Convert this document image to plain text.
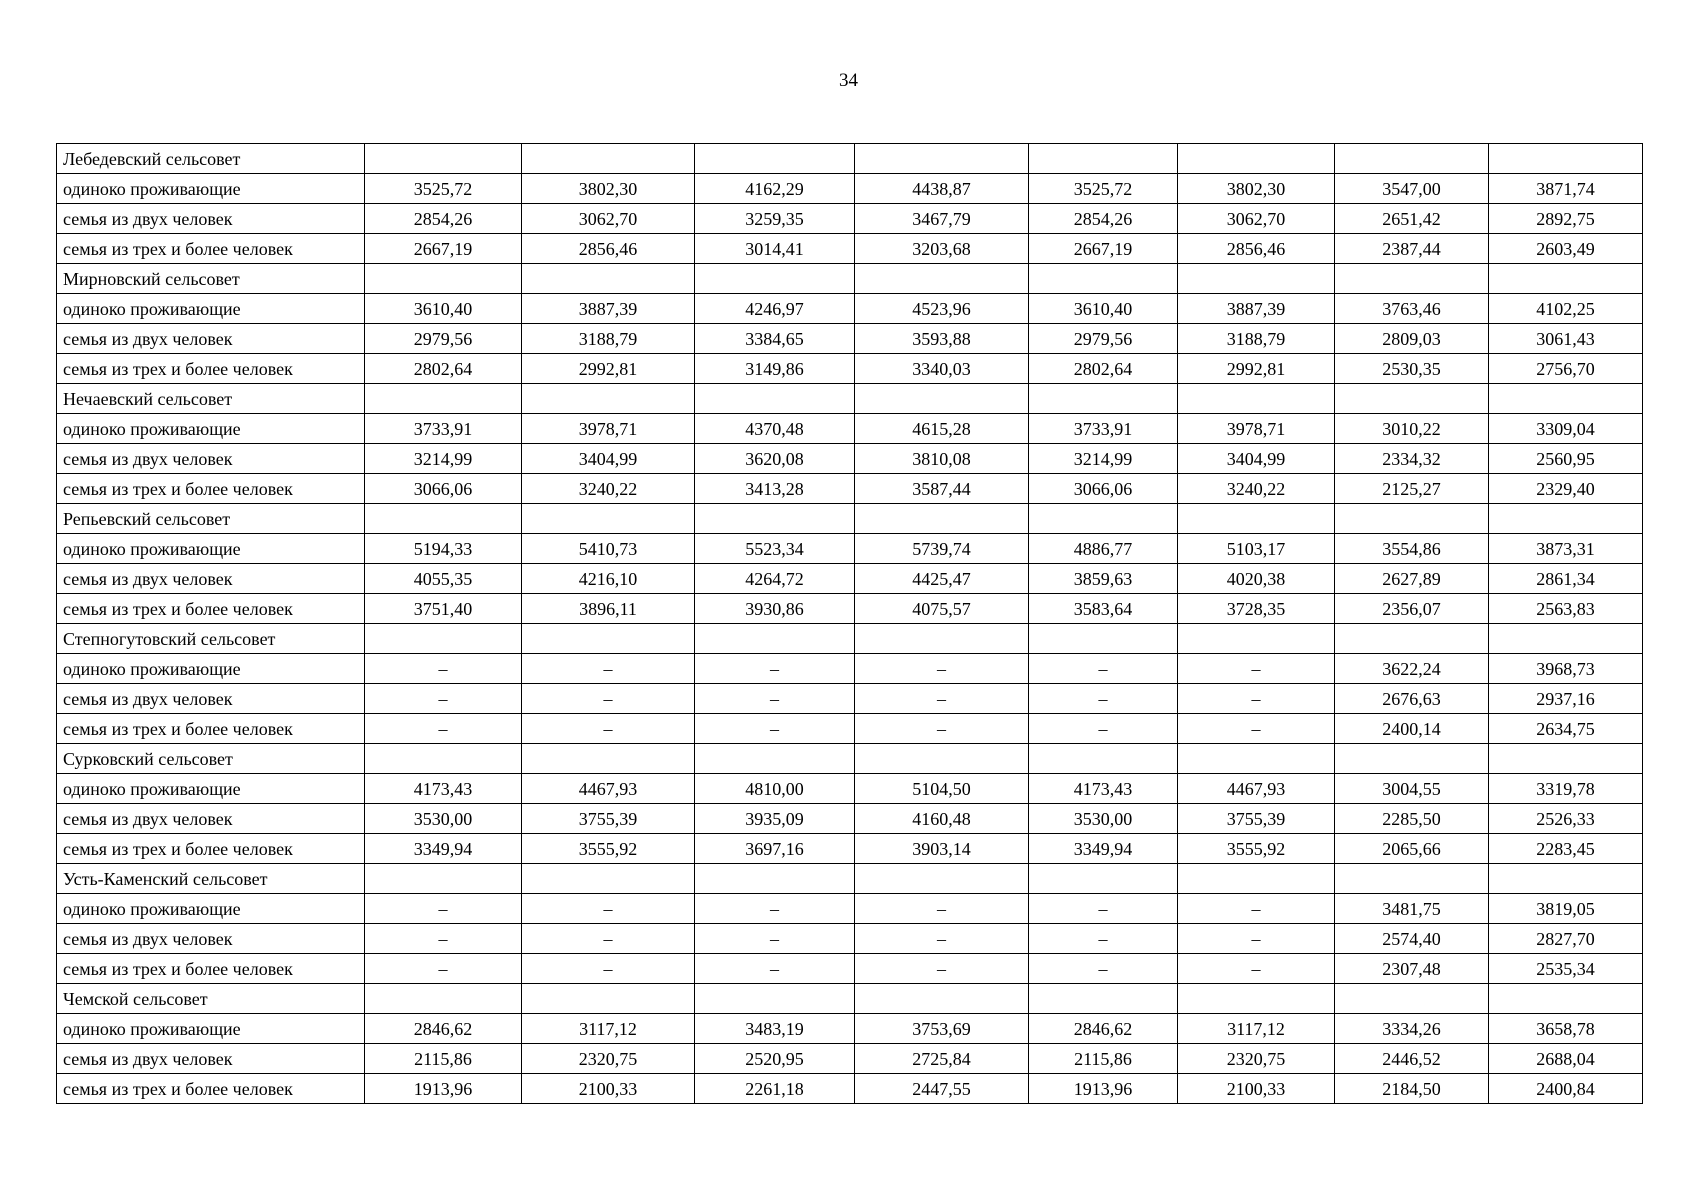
34
Лебедевский сельсовет								
одиноко проживающие	3525,72	3802,30	4162,29	4438,87	3525,72	3802,30	3547,00	3871,74
семья из двух человек	2854,26	3062,70	3259,35	3467,79	2854,26	3062,70	2651,42	2892,75
семья из трех и более человек	2667,19	2856,46	3014,41	3203,68	2667,19	2856,46	2387,44	2603,49
Мирновский сельсовет								
одиноко проживающие	3610,40	3887,39	4246,97	4523,96	3610,40	3887,39	3763,46	4102,25
семья из двух человек	2979,56	3188,79	3384,65	3593,88	2979,56	3188,79	2809,03	3061,43
семья из трех и более человек	2802,64	2992,81	3149,86	3340,03	2802,64	2992,81	2530,35	2756,70
Нечаевский сельсовет								
одиноко проживающие	3733,91	3978,71	4370,48	4615,28	3733,91	3978,71	3010,22	3309,04
семья из двух человек	3214,99	3404,99	3620,08	3810,08	3214,99	3404,99	2334,32	2560,95
семья из трех и более человек	3066,06	3240,22	3413,28	3587,44	3066,06	3240,22	2125,27	2329,40
Репьевский сельсовет								
одиноко проживающие	5194,33	5410,73	5523,34	5739,74	4886,77	5103,17	3554,86	3873,31
семья из двух человек	4055,35	4216,10	4264,72	4425,47	3859,63	4020,38	2627,89	2861,34
семья из трех и более человек	3751,40	3896,11	3930,86	4075,57	3583,64	3728,35	2356,07	2563,83
Степногутовский сельсовет								
одиноко проживающие	–	–	–	–	–	–	3622,24	3968,73
семья из двух человек	–	–	–	–	–	–	2676,63	2937,16
семья из трех и более человек	–	–	–	–	–	–	2400,14	2634,75
Сурковский сельсовет								
одиноко проживающие	4173,43	4467,93	4810,00	5104,50	4173,43	4467,93	3004,55	3319,78
семья из двух человек	3530,00	3755,39	3935,09	4160,48	3530,00	3755,39	2285,50	2526,33
семья из трех и более человек	3349,94	3555,92	3697,16	3903,14	3349,94	3555,92	2065,66	2283,45
Усть-Каменский сельсовет								
одиноко проживающие	–	–	–	–	–	–	3481,75	3819,05
семья из двух человек	–	–	–	–	–	–	2574,40	2827,70
семья из трех и более человек	–	–	–	–	–	–	2307,48	2535,34
Чемской сельсовет								
одиноко проживающие	2846,62	3117,12	3483,19	3753,69	2846,62	3117,12	3334,26	3658,78
семья из двух человек	2115,86	2320,75	2520,95	2725,84	2115,86	2320,75	2446,52	2688,04
семья из трех и более человек	1913,96	2100,33	2261,18	2447,55	1913,96	2100,33	2184,50	2400,84
